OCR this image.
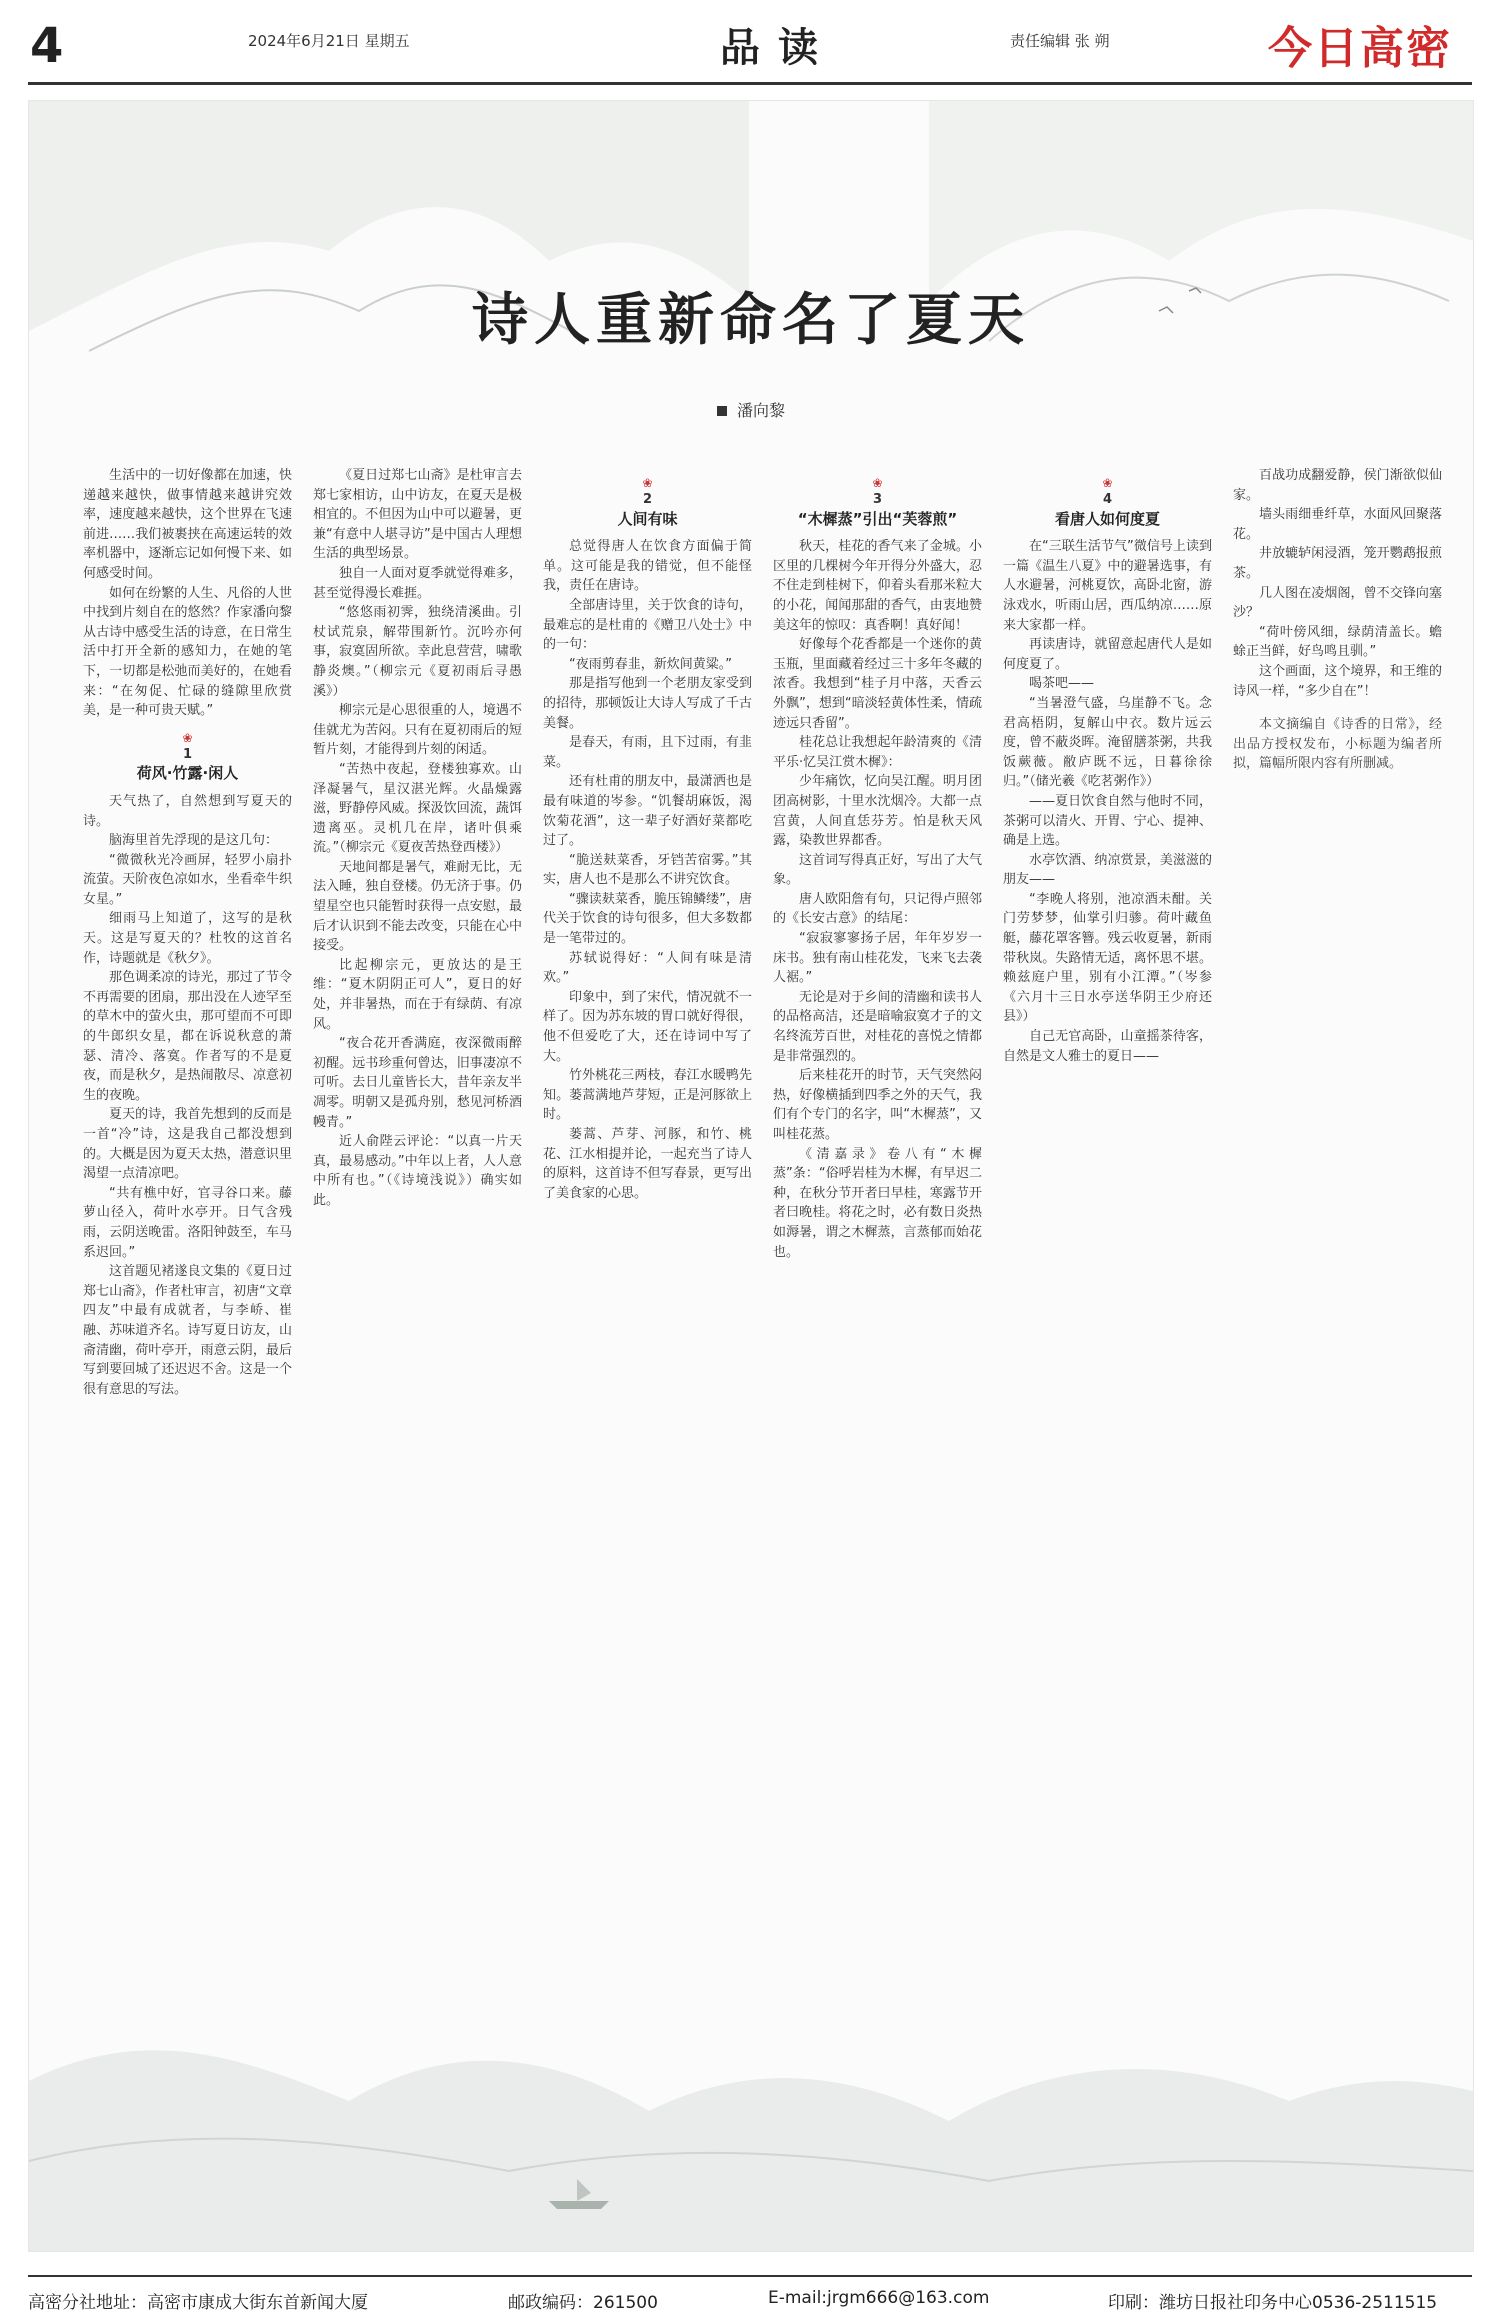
4	2024年6月21日 星期五	品读	责任编辑 张 朔	今日高密
诗人重新命名了夏天
潘向黎

生活中的一切好像都在加速，快递越来越快，做事情越来越讲究效率，速度越来越快，这个世界在飞速前进……我们被裹挟在高速运转的效率机器中，逐渐忘记如何慢下来、如何感受时间。

如何在纷繁的人生、凡俗的人世中找到片刻自在的悠然？作家潘向黎从古诗中感受生活的诗意，在日常生活中打开全新的感知力，在她的笔下，一切都是松弛而美好的，在她看来：“在匆促、忙碌的缝隙里欣赏美，是一种可贵天赋。”

❀
1
荷风·竹露·闲人

天气热了，自然想到写夏天的诗。

脑海里首先浮现的是这几句：

“微微秋光冷画屏，轻罗小扇扑流萤。天阶夜色凉如水，坐看牵牛织女星。”

细雨马上知道了，这写的是秋天。这是写夏天的？杜牧的这首名作，诗题就是《秋夕》。

那色调柔凉的诗光，那过了节令不再需要的团扇，那出没在人迹罕至的草木中的萤火虫，那可望而不可即的牛郎织女星，都在诉说秋意的萧瑟、清冷、落寞。作者写的不是夏夜，而是秋夕，是热闹散尽、凉意初生的夜晚。

夏天的诗，我首先想到的反而是一首“冷”诗，这是我自己都没想到的。大概是因为夏天太热，潜意识里渴望一点清凉吧。

“共有樵中好，官寻谷口来。藤萝山径入，荷叶水亭开。日气含残雨，云阴送晚雷。洛阳钟鼓至，车马系迟回。”

这首题见褚遂良文集的《夏日过郑七山斋》，作者杜审言，初唐“文章四友”中最有成就者，与李峤、崔融、苏味道齐名。诗写夏日访友，山斋清幽，荷叶亭开，雨意云阴，最后写到要回城了还迟迟不舍。这是一个很有意思的写法。

《夏日过郑七山斋》是杜审言去郑七家相访，山中访友，在夏天是极相宜的。不但因为山中可以避暑，更兼“有意中人堪寻访”是中国古人理想生活的典型场景。

独自一人面对夏季就觉得难多，甚至觉得漫长难捱。

“悠悠雨初霁，独绕清溪曲。引杖试荒泉，解带围新竹。沉吟亦何事，寂寞固所欲。幸此息营营，啸歌静炎燠。”（柳宗元《夏初雨后寻愚溪》）

柳宗元是心思很重的人，境遇不佳就尤为苦闷。只有在夏初雨后的短暂片刻，才能得到片刻的闲适。

“苦热中夜起，登楼独寡欢。山泽凝暑气，星汉湛光辉。火晶燥露滋，野静停风威。探汲饮回流，蔬饵遗离巫。灵机几在岸，诸叶俱乘流。”（柳宗元《夏夜苦热登西楼》）

天地间都是暑气，难耐无比，无法入睡，独自登楼。仍无济于事。仍望星空也只能暂时获得一点安慰，最后才认识到不能去改变，只能在心中接受。

比起柳宗元，更放达的是王维：“夏木阴阴正可人”，夏日的好处，并非暑热，而在于有绿荫、有凉风。

“夜合花开香满庭，夜深微雨醉初醒。远书珍重何曾达，旧事凄凉不可听。去日儿童皆长大，昔年亲友半凋零。明朝又是孤舟别，愁见河桥酒幔青。”

近人俞陛云评论：“以真一片天真，最易感动。”中年以上者，人人意中所有也。”（《诗境浅说》）确实如此。

❀
2
人间有味

总觉得唐人在饮食方面偏于简单。这可能是我的错觉，但不能怪我，责任在唐诗。

全部唐诗里，关于饮食的诗句，最难忘的是杜甫的《赠卫八处士》中的一句：

“夜雨剪春韭，新炊间黄粱。”

那是指写他到一个老朋友家受到的招待，那顿饭让大诗人写成了千古美餐。

是春天，有雨，且下过雨，有韭菜。

还有杜甫的朋友中，最潇洒也是最有味道的岑参。“饥餐胡麻饭，渴饮菊花酒”，这一辈子好酒好菜都吃过了。

“脆送麸菜香，牙铛苦宿雾。”其实，唐人也不是那么不讲究饮食。

“骤读麸菜香，脆压锦鳞缕”，唐代关于饮食的诗句很多，但大多数都是一笔带过的。

苏轼说得好：“人间有味是清欢。”

印象中，到了宋代，情况就不一样了。因为苏东坡的胃口就好得很，他不但爱吃了大，还在诗词中写了大。

竹外桃花三两枝，春江水暖鸭先知。蒌蒿满地芦芽短，正是河豚欲上时。

蒌蒿、芦芽、河豚，和竹、桃花、江水相提并论，一起充当了诗人的原料，这首诗不但写春景，更写出了美食家的心思。

❀
3
“木樨蒸”引出“芙蓉煎”

秋天，桂花的香气来了金城。小区里的几棵树今年开得分外盛大，忍不住走到桂树下，仰着头看那米粒大的小花，闻闻那甜的香气，由衷地赞美这年的惊叹：真香啊！真好闻！

好像每个花香都是一个迷你的黄玉瓶，里面藏着经过三十多年冬藏的浓香。我想到“桂子月中落，天香云外飘”，想到“暗淡轻黄体性柔，情疏迹远只香留”。

桂花总让我想起年龄清爽的《清平乐·忆吴江赏木樨》：

少年痛饮，忆向吴江醒。明月团团高树影，十里水沈烟冷。大都一点宫黄，人间直恁芬芳。怕是秋天风露，染教世界都香。

这首词写得真正好，写出了大气象。

唐人欧阳詹有句，只记得卢照邻的《长安古意》的结尾：

“寂寂寥寥扬子居，年年岁岁一床书。独有南山桂花发，飞来飞去袭人裾。”

无论是对于乡间的清幽和读书人的品格高洁，还是暗喻寂寞才子的文名终流芳百世，对桂花的喜悦之情都是非常强烈的。

后来桂花开的时节，天气突然闷热，好像横插到四季之外的天气，我们有个专门的名字，叫“木樨蒸”，又叫桂花蒸。

《清嘉录》卷八有“木樨蒸”条：“俗呼岩桂为木樨，有早迟二种，在秋分节开者曰早桂，寒露节开者曰晚桂。将花之时，必有数日炎热如溽暑，谓之木樨蒸，言蒸郁而始花也。

❀
4
看唐人如何度夏

在“三联生活节气”微信号上读到一篇《温生八夏》中的避暑选事，有人水避暑，河桃夏饮，高卧北窗，游泳戏水，听雨山居，西瓜纳凉……原来大家都一样。

再读唐诗，就留意起唐代人是如何度夏了。

喝茶吧——

“当暑澄气盛，乌崖静不飞。念君高梧阴，复解山中衣。数片远云度，曾不蔽炎晖。淹留膳茶粥，共我饭蕨薇。敝庐既不远，日暮徐徐归。”（储光羲《吃茗粥作》）

——夏日饮食自然与他时不同，茶粥可以清火、开胃、宁心、提神、确是上选。

水亭饮酒、纳凉赏景，美滋滋的朋友——

“李晚人将别，池凉酒未酣。关门劳梦梦，仙掌引归骖。荷叶藏鱼艇，藤花罩客簪。残云收夏暑，新雨带秋岚。失路情无适，离怀思不堪。赖兹庭户里，别有小江潭。”（岑参《六月十三日水亭送华阴王少府还县》）

自己无官高卧，山童摇茶待客，自然是文人雅士的夏日——

百战功成翻爱静，侯门渐欲似仙家。

墙头雨细垂纤草，水面风回聚落花。

井放辘轳闲浸酒，笼开鹦鹉报煎茶。

几人图在凌烟阁，曾不交锋向塞沙？

“荷叶傍风细，绿荫清盖长。蟾蜍正当鲜，好鸟鸣且驯。”

这个画面，这个境界，和王维的诗风一样，“多少自在”！

本文摘编自《诗香的日常》，经出品方授权发布，小标题为编者所拟，篇幅所限内容有所删减。

高密分社地址：高密市康成大街东首新闻大厦	邮政编码：261500	E-mail:jrgm666@163.com	印刷：潍坊日报社印务中心0536-2511515
